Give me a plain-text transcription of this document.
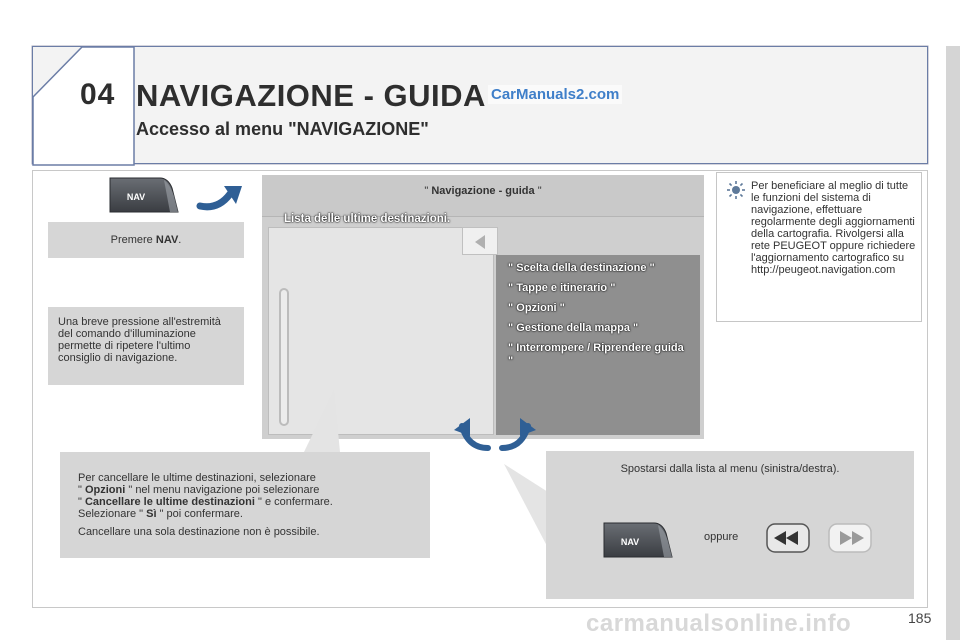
04 NAVIGAZIONE - GUIDA CarManuals2.com
Accesso al menu "NAVIGAZIONE"
NAV
Premere NAV.
Una breve pressione all'estremità del comando d'illuminazione permette di ripetere l'ultimo consiglio di navigazione.
" Navigazione - guida "
Lista delle ultime destinazioni.
" Scelta della destinazione "
" Tappe e itinerario "
" Opzioni "
" Gestione della mappa "
" Interrompere / Riprendere guida "
Per beneficiare al meglio di tutte le funzioni del sistema di navigazione, effettuare regolarmente degli aggiornamenti della cartografia. Rivolgersi alla rete PEUGEOT oppure richiedere l'aggiornamento cartografico su http://peugeot.navigation.com

Per cancellare le ultime destinazioni, selezionare
" Opzioni " nel menu navigazione poi selezionare
" Cancellare le ultime destinazioni " e confermare.
Selezionare " Sì " poi confermare.

Cancellare una sola destinazione non è possibile.

Spostarsi dalla lista al menu (sinistra/destra).
oppure
NAV
carmanualsonline.info	185
